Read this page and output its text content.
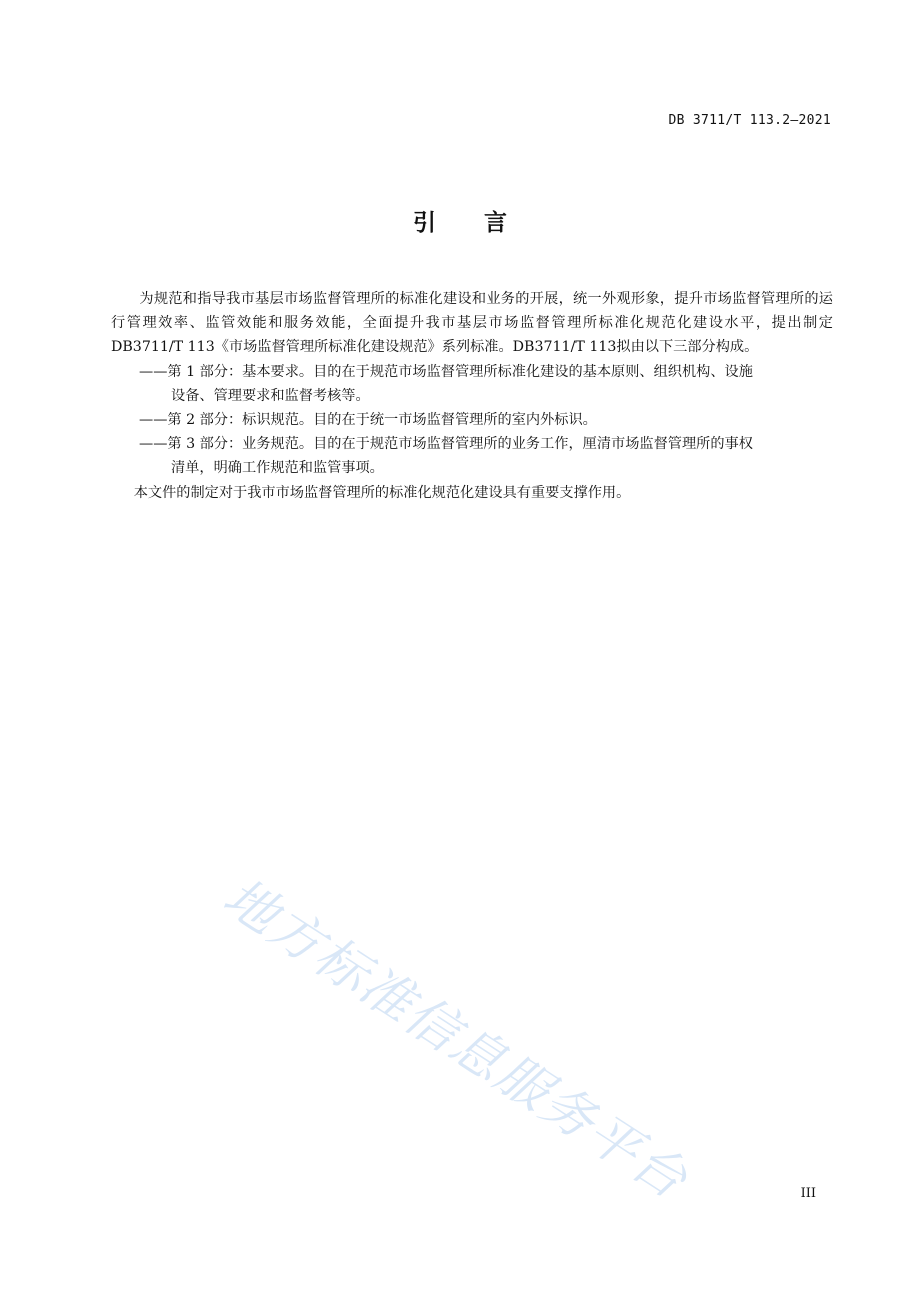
DB 3711/T 113.2—2021
引 言

为规范和指导我市基层市场监督管理所的标准化建设和业务的开展，统一外观形象，提升市场监督管理所的运行管理效率、监管效能和服务效能，全面提升我市基层市场监督管理所标准化规范化建设水平，提出制定DB3711/T 113《市场监督管理所标准化建设规范》系列标准。DB3711/T 113拟由以下三部分构成。

——第 1 部分：基本要求。目的在于规范市场监督管理所标准化建设的基本原则、组织机构、设施
设备、管理要求和监督考核等。

——第 2 部分：标识规范。目的在于统一市场监督管理所的室内外标识。

——第 3 部分：业务规范。目的在于规范市场监督管理所的业务工作，厘清市场监督管理所的事权
清单，明确工作规范和监管事项。

本文件的制定对于我市市场监督管理所的标准化规范化建设具有重要支撑作用。

地方标准信息服务平台	III
